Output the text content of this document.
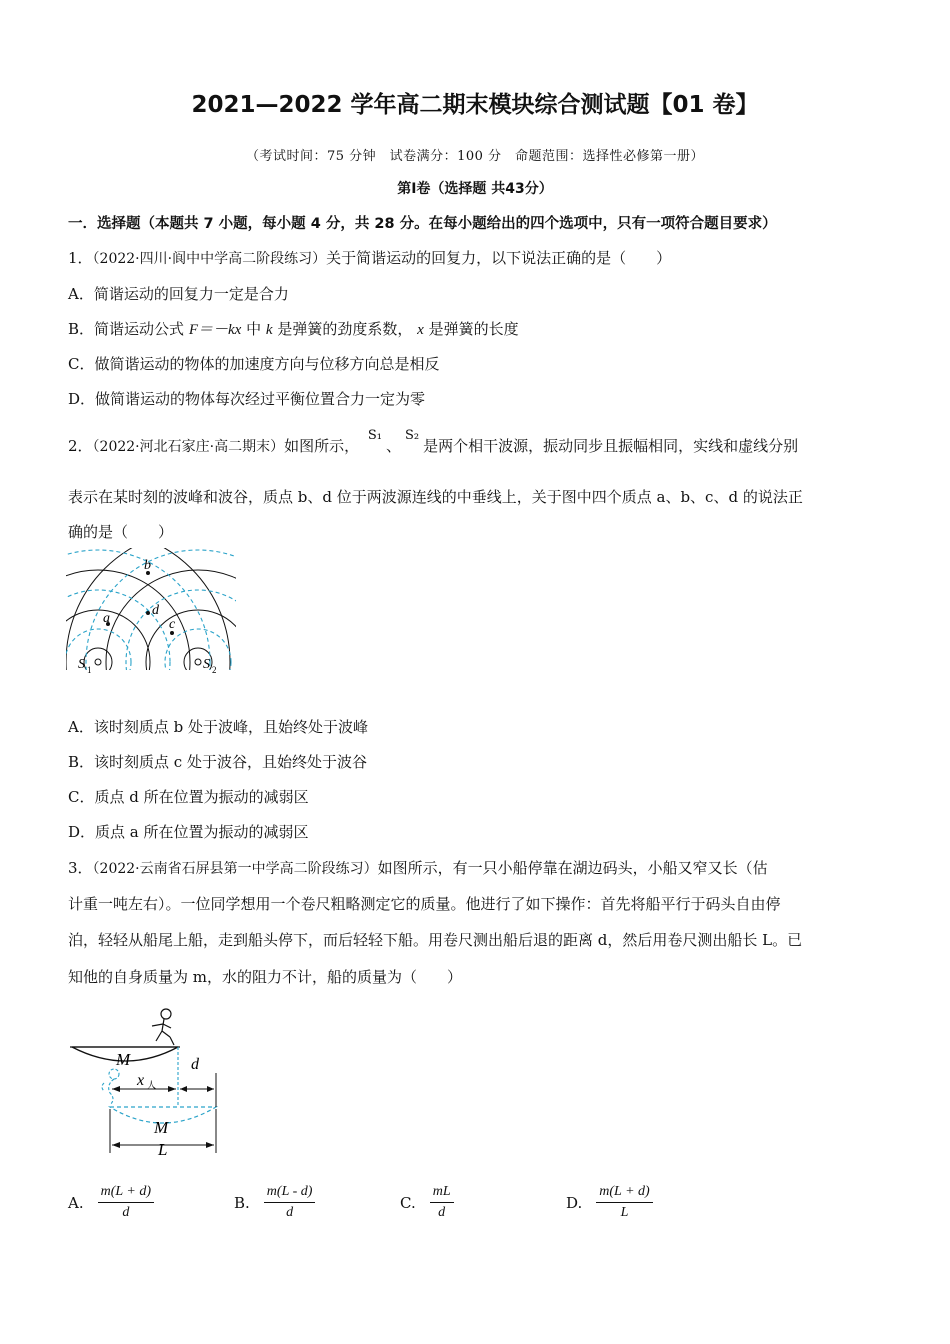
2021—2022 学年高二期末模块综合测试题【01 卷】
（考试时间：75 分钟　试卷满分：100 分　命题范围：选择性必修第一册）
第Ⅰ卷（选择题 共43分）
一．选择题（本题共 7 小题，每小题 4 分，共 28 分。在每小题给出的四个选项中，只有一项符合题目要求）
1．（2022·四川·阆中中学高二阶段练习）关于简谐运动的回复力，以下说法正确的是（　　）
A．简谐运动的回复力一定是合力
B．简谐运动公式 F＝－kx 中 k 是弹簧的劲度系数， x 是弹簧的长度
C．做简谐运动的物体的加速度方向与位移方向总是相反
D．做简谐运动的物体每次经过平衡位置合力一定为零
2．（2022·河北石家庄·高二期末）如图所示， S₁、S₂是两个相干波源，振动同步且振幅相同，实线和虚线分别
表示在某时刻的波峰和波谷，质点 b、d 位于两波源连线的中垂线上，关于图中四个质点 a、b、c、d 的说法正
确的是（　　）
a
b
d
c
S 1	S 2
A．该时刻质点 b 处于波峰，且始终处于波峰
B．该时刻质点 c 处于波谷，且始终处于波谷
C．质点 d 所在位置为振动的减弱区
D．质点 a 所在位置为振动的减弱区
3．（2022·云南省石屏县第一中学高二阶段练习）如图所示，有一只小船停靠在湖边码头，小船又窄又长（估
计重一吨左右）。一位同学想用一个卷尺粗略测定它的质量。他进行了如下操作：首先将船平行于码头自由停
泊，轻轻从船尾上船，走到船头停下，而后轻轻下船。用卷尺测出船后退的距离 d，然后用卷尺测出船长 L。已
知他的自身质量为 m，水的阻力不计，船的质量为（　　）
M
x 人
d
M
L
A. $\frac{m(L + d)}{d}$	B. $\frac{m(L - d)}{d}$	C. $\frac{mL}{d}$	D. $\frac{m(L + d)}{L}$
